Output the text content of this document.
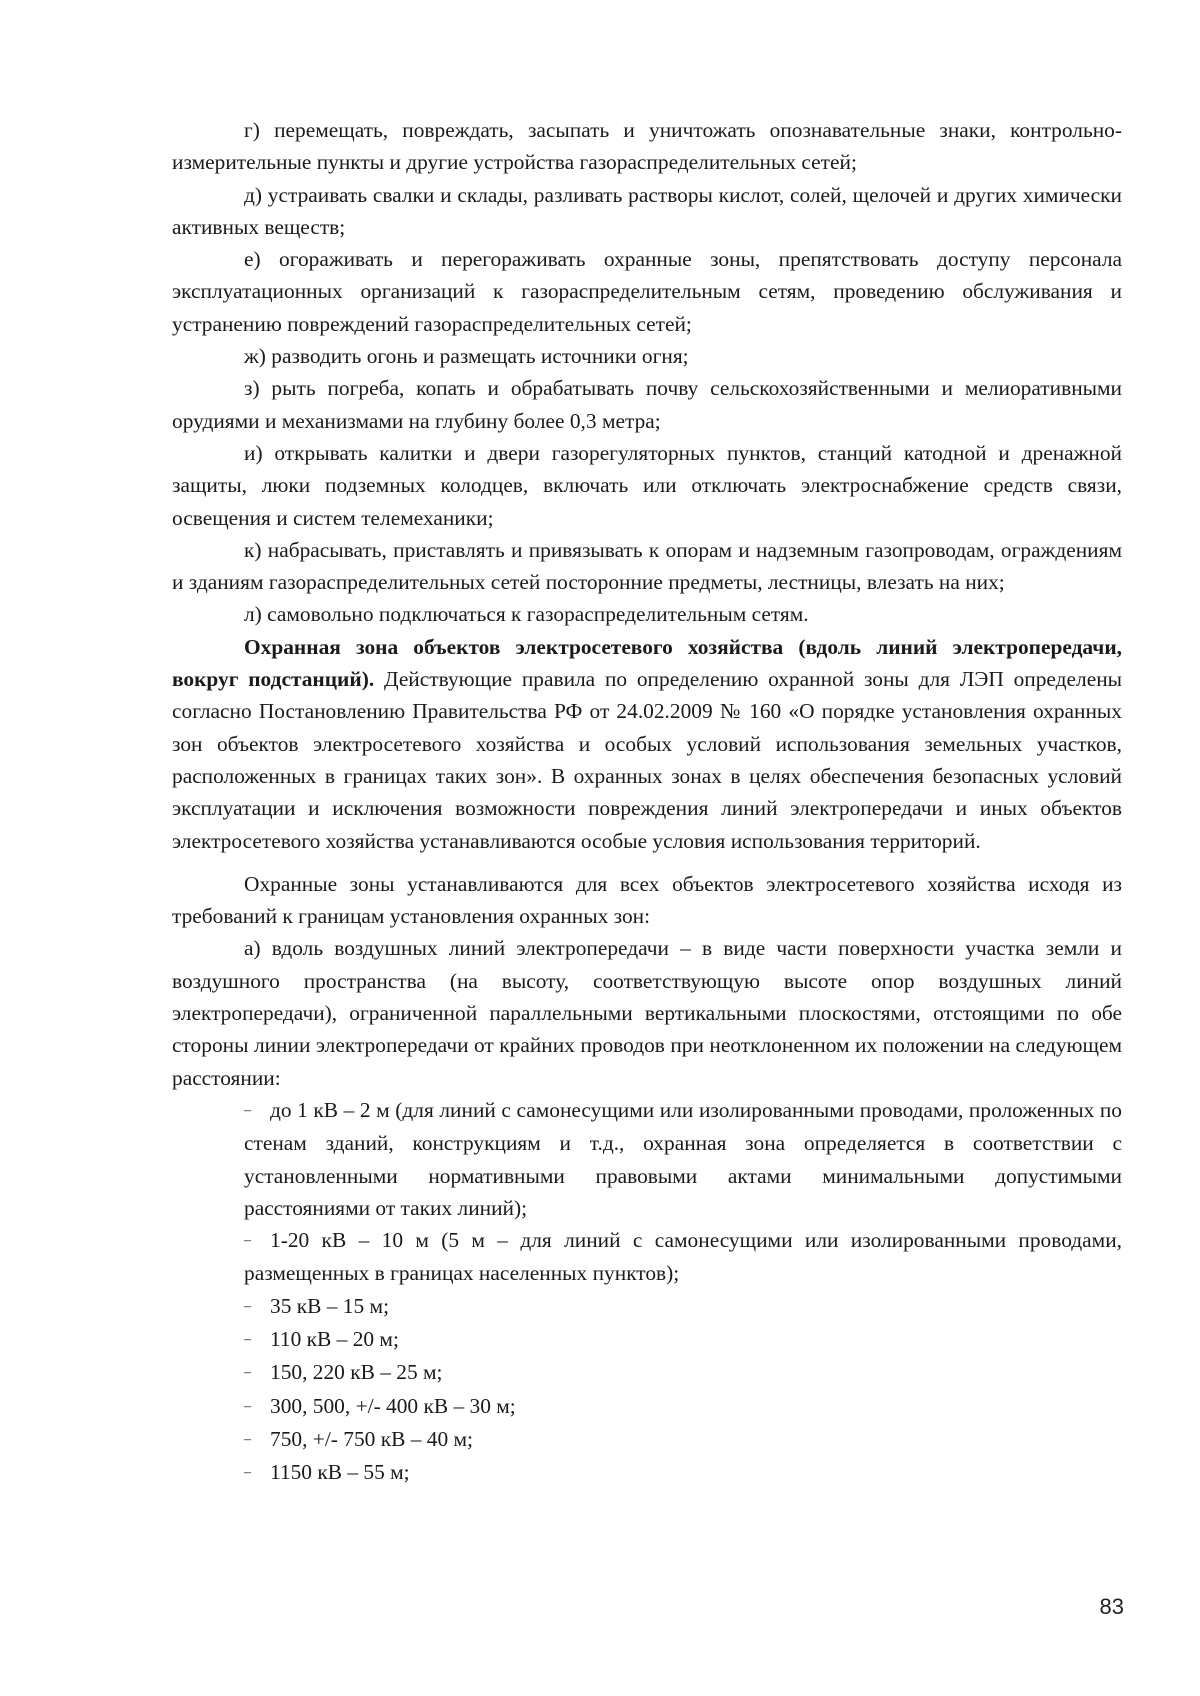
г) перемещать, повреждать, засыпать и уничтожать опознавательные знаки, контрольно-измерительные пункты и другие устройства газораспределительных сетей;

д) устраивать свалки и склады, разливать растворы кислот, солей, щелочей и других химически активных веществ;

е) огораживать и перегораживать охранные зоны, препятствовать доступу персонала эксплуатационных организаций к газораспределительным сетям, проведению обслуживания и устранению повреждений газораспределительных сетей;

ж) разводить огонь и размещать источники огня;

з) рыть погреба, копать и обрабатывать почву сельскохозяйственными и мелиоративными орудиями и механизмами на глубину более 0,3 метра;

и) открывать калитки и двери газорегуляторных пунктов, станций катодной и дренажной защиты, люки подземных колодцев, включать или отключать электроснабжение средств связи, освещения и систем телемеханики;

к) набрасывать, приставлять и привязывать к опорам и надземным газопроводам, ограждениям и зданиям газораспределительных сетей посторонние предметы, лестницы, влезать на них;

л) самовольно подключаться к газораспределительным сетям.

Охранная зона объектов электросетевого хозяйства (вдоль линий электропередачи, вокруг подстанций). Действующие правила по определению охранной зоны для ЛЭП определены согласно Постановлению Правительства РФ от 24.02.2009 № 160 «О порядке установления охранных зон объектов электросетевого хозяйства и особых условий использования земельных участков, расположенных в границах таких зон». В охранных зонах в целях обеспечения безопасных условий эксплуатации и исключения возможности повреждения линий электропередачи и иных объектов электросетевого хозяйства устанавливаются особые условия использования территорий.

Охранные зоны устанавливаются для всех объектов электросетевого хозяйства исходя из требований к границам установления охранных зон:

а) вдоль воздушных линий электропередачи – в виде части поверхности участка земли и воздушного пространства (на высоту, соответствующую высоте опор воздушных линий электропередачи), ограниченной параллельными вертикальными плоскостями, отстоящими по обе стороны линии электропередачи от крайних проводов при неотклоненном их положении на следующем расстоянии:

– до 1 кВ – 2 м (для линий с самонесущими или изолированными проводами, проложенных по стенам зданий, конструкциям и т.д., охранная зона определяется в соответствии с установленными нормативными правовыми актами минимальными допустимыми расстояниями от таких линий);

– 1-20 кВ – 10 м (5 м – для линий с самонесущими или изолированными проводами, размещенных в границах населенных пунктов);

– 35 кВ – 15 м;

– 110 кВ – 20 м;

– 150, 220 кВ – 25 м;

– 300, 500, +/- 400 кВ – 30 м;

– 750, +/- 750 кВ – 40 м;

– 1150 кВ – 55 м;

83
